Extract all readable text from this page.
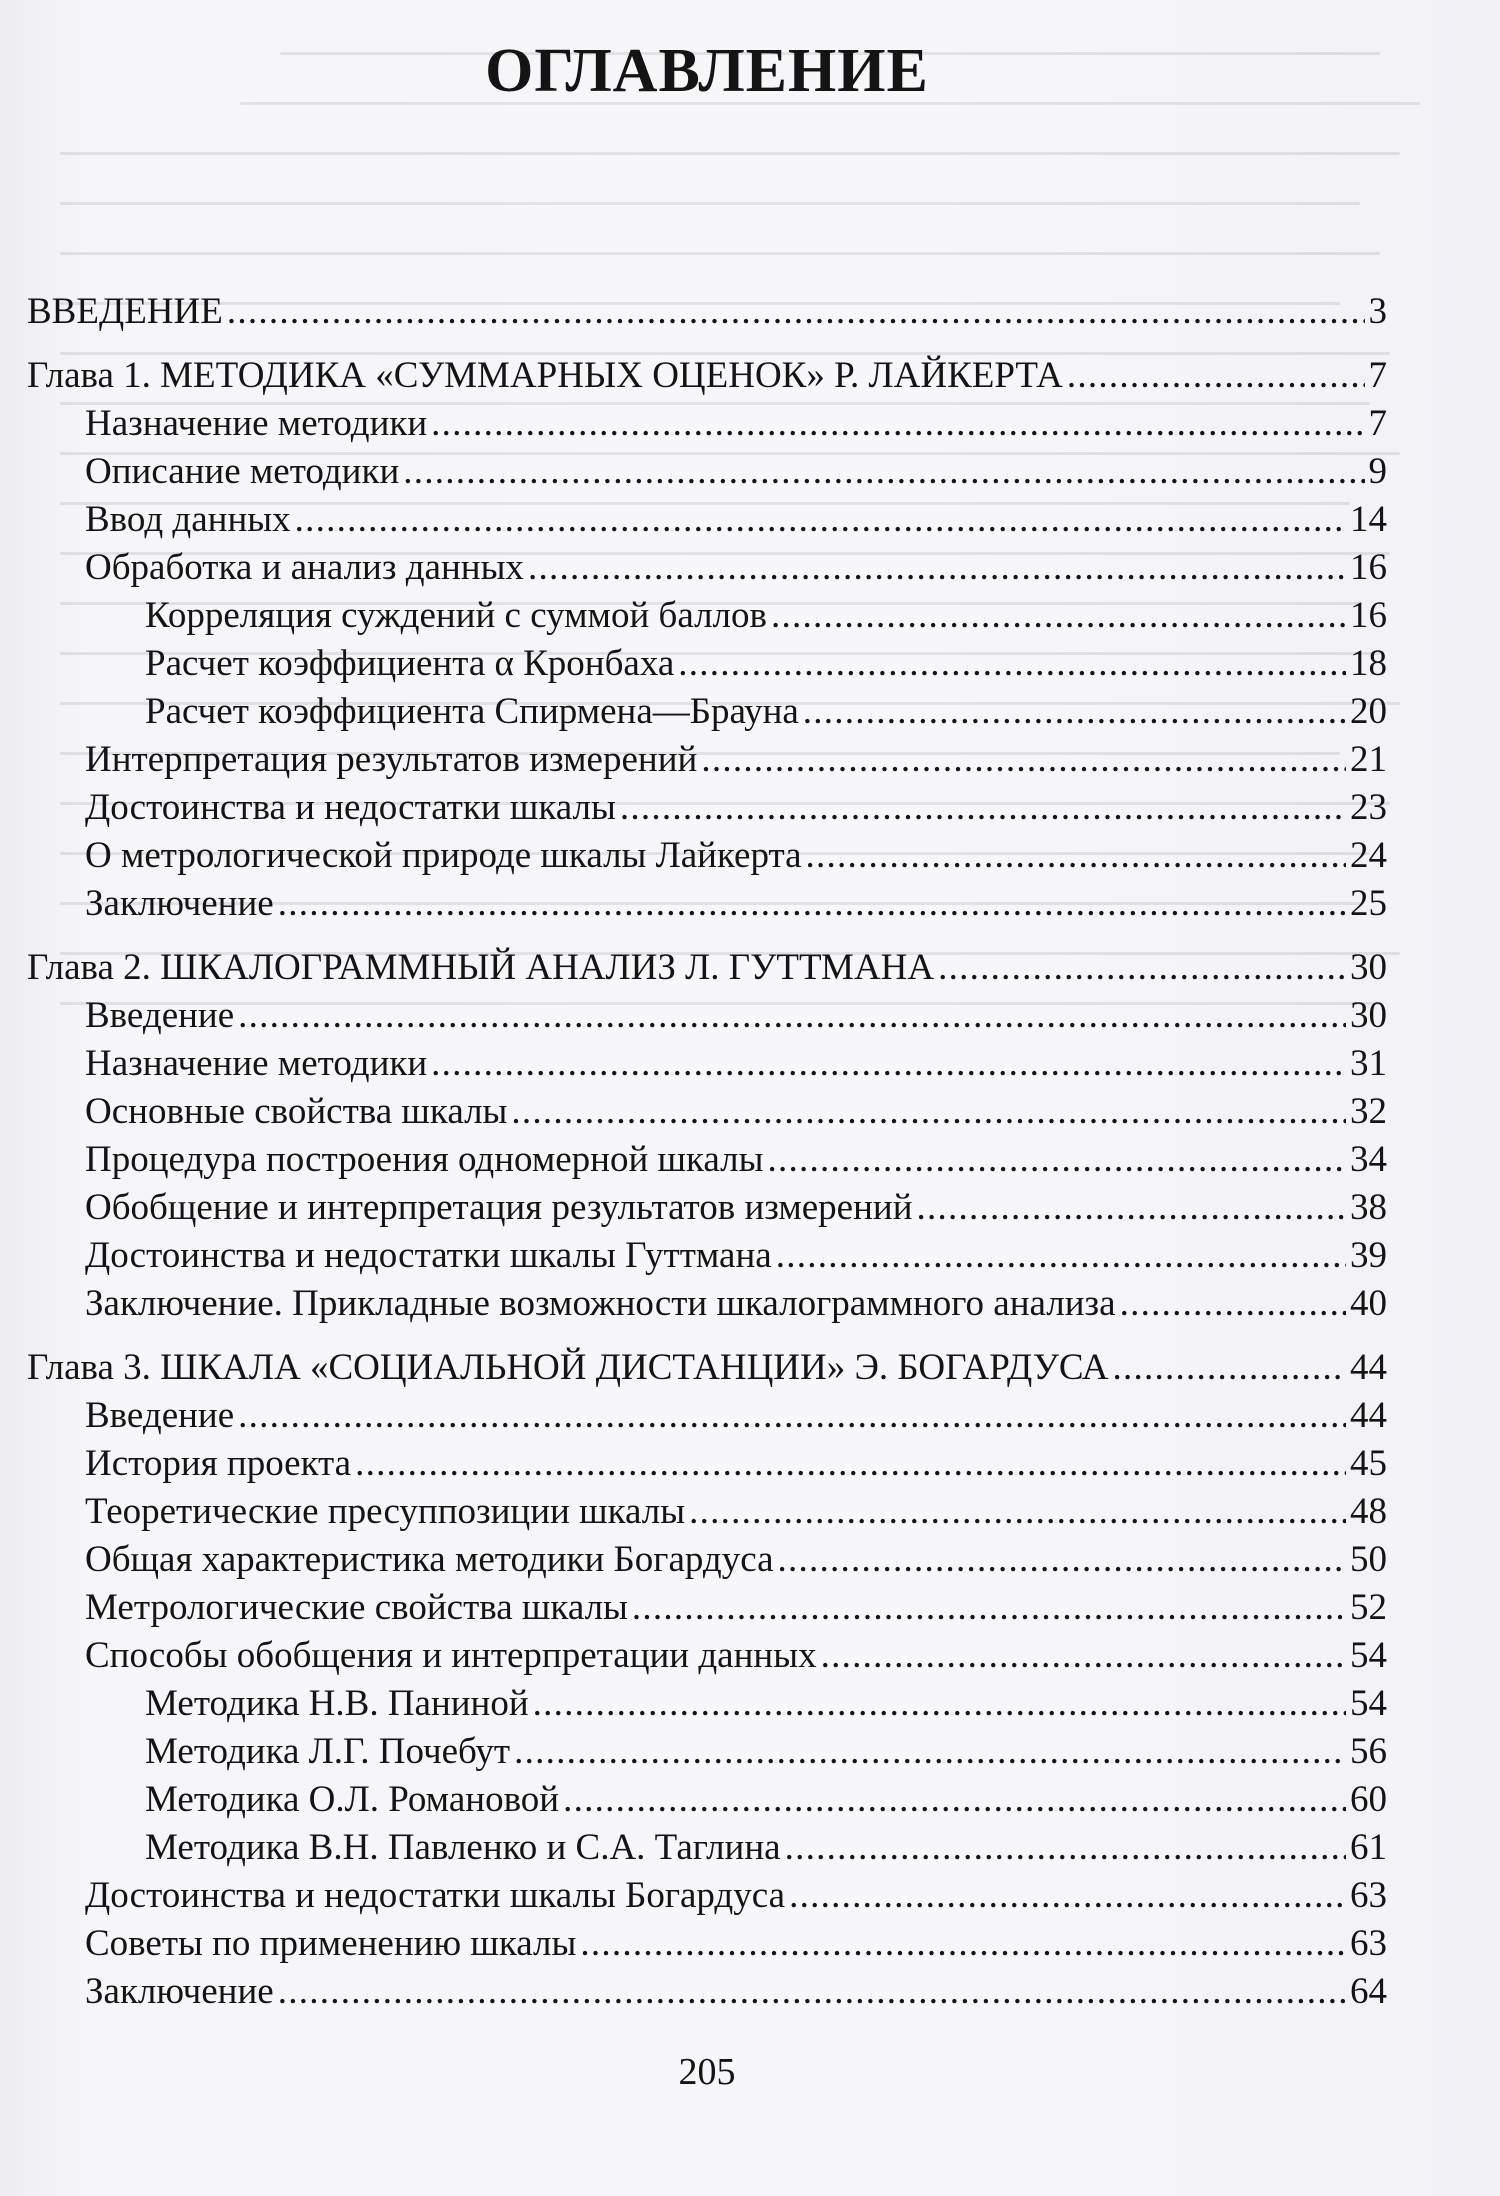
ОГЛАВЛЕНИЕ
ВВЕДЕНИЕ . . .	3
Глава 1. МЕТОДИКА «СУММАРНЫХ ОЦЕНОК» Р. ЛАЙКЕРТА . . .	7
Назначение методики . . .	7
Описание методики . . .	9
Ввод данных . . .	14
Обработка и анализ данных . . .	16
Корреляция суждений с суммой баллов . . .	16
Расчет коэффициента α Кронбаха . . .	18
Расчет коэффициента Спирмена—Брауна . . .	20
Интерпретация результатов измерений . . .	21
Достоинства и недостатки шкалы . . .	23
О метрологической природе шкалы Лайкерта . . .	24
Заключение . . .	25
Глава 2. ШКАЛОГРАММНЫЙ АНАЛИЗ Л. ГУТТМАНА . . .	30
Введение . . .	30
Назначение методики . . .	31
Основные свойства шкалы . . .	32
Процедура построения одномерной шкалы . . .	34
Обобщение и интерпретация результатов измерений . . .	38
Достоинства и недостатки шкалы Гуттмана . . .	39
Заключение. Прикладные возможности шкалограммного анализа . . .	40
Глава 3. ШКАЛА «СОЦИАЛЬНОЙ ДИСТАНЦИИ» Э. БОГАРДУСА . . .	44
Введение . . .	44
История проекта . . .	45
Теоретические пресуппозиции шкалы . . .	48
Общая характеристика методики Богардуса . . .	50
Метрологические свойства шкалы . . .	52
Способы обобщения и интерпретации данных . . .	54
Методика Н.В. Паниной . . .	54
Методика Л.Г. Почебут . . .	56
Методика О.Л. Романовой . . .	60
Методика В.Н. Павленко и С.А. Таглина . . .	61
Достоинства и недостатки шкалы Богардуса . . .	63
Советы по применению шкалы . . .	63
Заключение . . .	64
205
